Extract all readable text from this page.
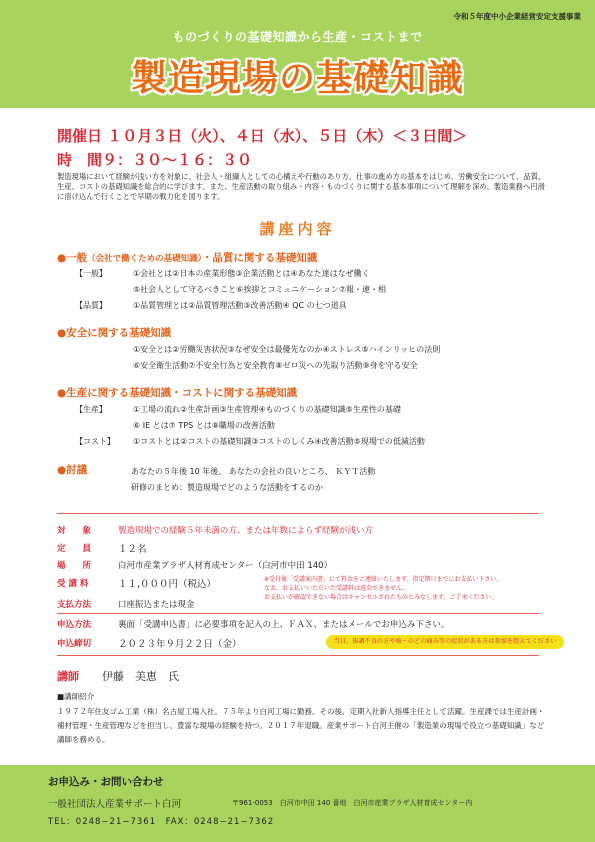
令和５年度中小企業経営安定支援事業
ものづくりの基礎知識から生産・コストまで
製造現場の基礎知識
開催日 １０月３日（火）、４日（水）、５日（木）＜３日間＞
時　間９：３０～１６：３０
製造現場において経験が浅い方を対象に、社会人・組織人としての心構えや行動のあり方、仕事の進め方の基本をはじめ、労働安全について、品質、生産、コストの基礎知識を総合的に学びます。また、生産活動の取り組み・内容・ものづくりに関する基本事項について理解を深め、製造業務へ円滑に溶け込んで行くことで早期の戦力化を図ります。
講座内容
●一般（会社で働くための基礎知識）・品質に関する基礎知識
【一般】	①会社とは②日本の産業形態③企業活動とは④あなた達はなぜ働く
⑤社会人として守るべきこと⑥挨拶とコミュニケーション⑦報・連・相
【品質】	①品質管理とは②品質管理活動③改善活動④ QC の七つ道具
●安全に関する基礎知識
①安全とは②労働災害状況③なぜ安全は最優先なのか④ストレス⑤ハインリッヒの法則
⑥安全衛生活動⑦不安全行為と安全教育⑧ゼロ災への先取り活動⑨身を守る安全
●生産に関する基礎知識・コストに関する基礎知識
【生産】	①工場の流れ②生産計画③生産管理④ものづくりの基礎知識⑤生産性の基礎
⑥ IE とは⑦ TPS とは⑧職場の改善活動
【コスト】 ①コストとは②コストの基礎知識③コストのしくみ④改善活動⑤現場での低減活動
●討議	あなたの５年後 10 年後、 あなたの会社の良いところ、 ＫＹＴ活動
研修のまとめ：製造現場でどのような活動をするのか
対　　象	製造現場での経験５年未満の方、または年数によらず経験が浅い方
定　　員	１２名
場　　所	白河市産業プラザ人材育成センター（白河市中田 140）
受 講 料	１１,０００円（税込）	※受付後「受講案内書」にて料金をご連絡いたします。指定期日までにお支払い下さい。
なお、お支払いいただいた受講料は返金できません。
お支払いが確認できない場合はキャンセルされたものとみなします。ご了承ください。
支払方法	口座振込または現金
申込方法	裏面「受講申込書」に必要事項を記入の上、ＦＡＸ、またはメールでお申込み下さい。
申込締切	２０２３年９月２２日（金）	当日、体調不良の方や咳・のどの痛み等の症状がある方は参加を控えてください
講師 伊藤　美恵　氏
■講師紹介
１９７２年住友ゴム工業（株）名古屋工場入社。７５年より白河工場に勤務。その後、定期入社新人指導主任として活躍。生産課では生産計画・補材管理・生産管理などを担当し、豊富な現場の経験を持つ。２０１７年退職。産業サポート白河主催の「製造業の現場で役立つ基礎知識」など講師を務める。
お申込み・お問い合わせ
一般社団法人産業サポート白河	〒961-0053　白河市中田 140 番地　白河市産業プラザ人材育成センター内
TEL：0248−21−7361　FAX：0248−21−7362
